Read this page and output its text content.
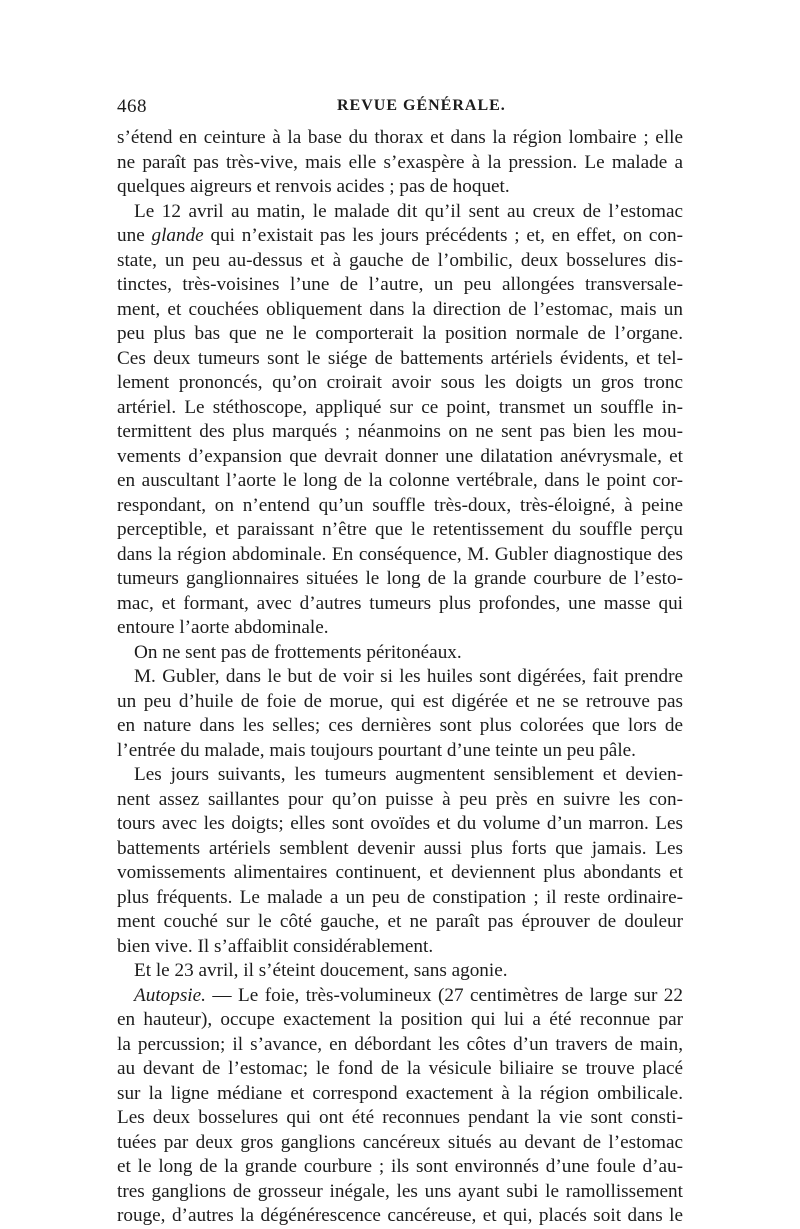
468	REVUE GÉNÉRALE.
s’étend en ceinture à la base du thorax et dans la région lombaire ; elle
ne paraît pas très-vive, mais elle s’exaspère à la pression. Le malade a
quelques aigreurs et renvois acides ; pas de hoquet.
Le 12 avril au matin, le malade dit qu’il sent au creux de l’estomac
une glande qui n’existait pas les jours précédents ; et, en effet, on con-
state, un peu au-dessus et à gauche de l’ombilic, deux bosselures dis-
tinctes, très-voisines l’une de l’autre, un peu allongées transversale-
ment, et couchées obliquement dans la direction de l’estomac, mais un
peu plus bas que ne le comporterait la position normale de l’organe.
Ces deux tumeurs sont le siége de battements artériels évidents, et tel-
lement prononcés, qu’on croirait avoir sous les doigts un gros tronc
artériel. Le stéthoscope, appliqué sur ce point, transmet un souffle in-
termittent des plus marqués ; néanmoins on ne sent pas bien les mou-
vements d’expansion que devrait donner une dilatation anévrysmale, et
en auscultant l’aorte le long de la colonne vertébrale, dans le point cor-
respondant, on n’entend qu’un souffle très-doux, très-éloigné, à peine
perceptible, et paraissant n’être que le retentissement du souffle perçu
dans la région abdominale. En conséquence, M. Gubler diagnostique des
tumeurs ganglionnaires situées le long de la grande courbure de l’esto-
mac, et formant, avec d’autres tumeurs plus profondes, une masse qui
entoure l’aorte abdominale.
On ne sent pas de frottements péritonéaux.
M. Gubler, dans le but de voir si les huiles sont digérées, fait prendre
un peu d’huile de foie de morue, qui est digérée et ne se retrouve pas
en nature dans les selles; ces dernières sont plus colorées que lors de
l’entrée du malade, mais toujours pourtant d’une teinte un peu pâle.
Les jours suivants, les tumeurs augmentent sensiblement et devien-
nent assez saillantes pour qu’on puisse à peu près en suivre les con-
tours avec les doigts; elles sont ovoïdes et du volume d’un marron. Les
battements artériels semblent devenir aussi plus forts que jamais. Les
vomissements alimentaires continuent, et deviennent plus abondants et
plus fréquents. Le malade a un peu de constipation ; il reste ordinaire-
ment couché sur le côté gauche, et ne paraît pas éprouver de douleur
bien vive. Il s’affaiblit considérablement.
Et le 23 avril, il s’éteint doucement, sans agonie.
Autopsie. — Le foie, très-volumineux (27 centimètres de large sur 22
en hauteur), occupe exactement la position qui lui a été reconnue par
la percussion; il s’avance, en débordant les côtes d’un travers de main,
au devant de l’estomac; le fond de la vésicule biliaire se trouve placé
sur la ligne médiane et correspond exactement à la région ombilicale.
Les deux bosselures qui ont été reconnues pendant la vie sont consti-
tuées par deux gros ganglions cancéreux situés au devant de l’estomac
et le long de la grande courbure ; ils sont environnés d’une foule d’au-
tres ganglions de grosseur inégale, les uns ayant subi le ramollissement
rouge, d’autres la dégénérescence cancéreuse, et qui, placés soit dans le
